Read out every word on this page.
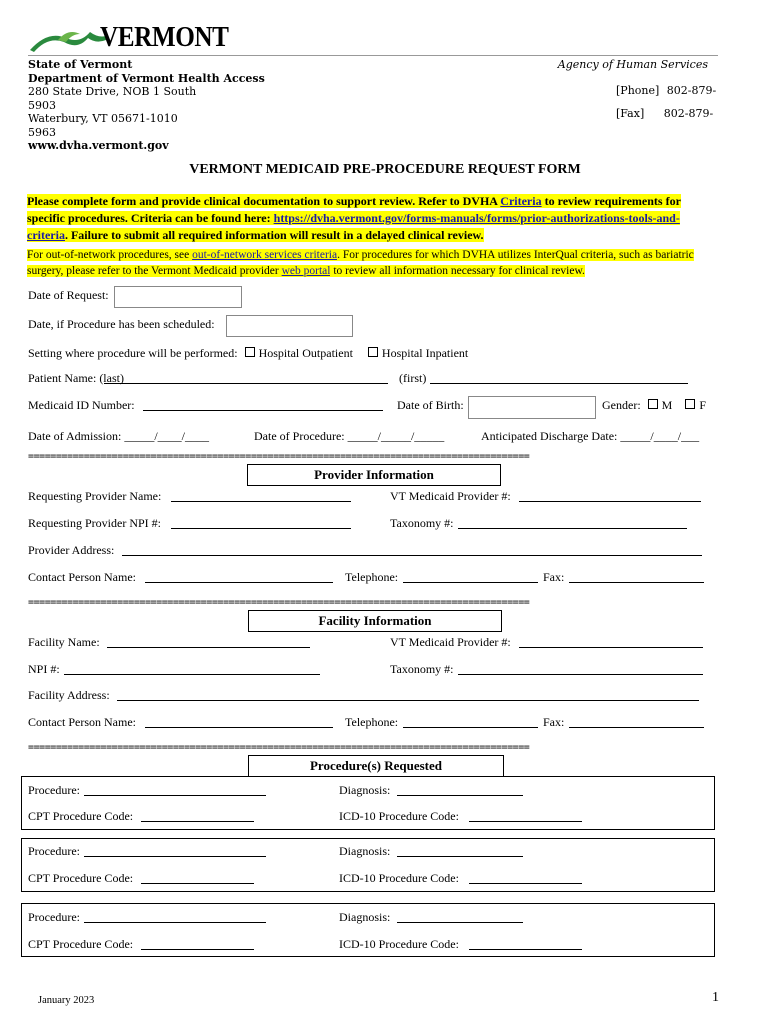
VERMONT
State of Vermont
Department of Vermont Health Access
280 State Drive, NOB 1 South
5903
Waterbury, VT 05671-1010
5963
www.dvha.vermont.gov
Agency of Human Services
[Phone] 802-879-
[Fax] 802-879-
VERMONT MEDICAID PRE-PROCEDURE REQUEST FORM
Please complete form and provide clinical documentation to support review. Refer to DVHA Criteria to review requirements for specific procedures. Criteria can be found here: https://dvha.vermont.gov/forms-manuals/forms/prior-authorizations-tools-and-criteria. Failure to submit all required information will result in a delayed clinical review.
For out-of-network procedures, see out-of-network services criteria. For procedures for which DVHA utilizes InterQual criteria, such as bariatric surgery, please refer to the Vermont Medicaid provider web portal to review all information necessary for clinical review.
Date of Request:
Date, if Procedure has been scheduled:
Setting where procedure will be performed: Hospital Outpatient Hospital Inpatient
Patient Name: (last)	(first)
Medicaid ID Number:	Date of Birth:	Gender: M F
Date of Admission: _____/____/____	Date of Procedure: _____/_____/_____	Anticipated Discharge Date: _____/____/___
==========================================================================================
Provider Information
Requesting Provider Name:	VT Medicaid Provider #:
Requesting Provider NPI #:	Taxonomy #:
Provider Address:
Contact Person Name:	Telephone:	Fax:
==========================================================================================
Facility Information
Facility Name:	VT Medicaid Provider #:
NPI #:	Taxonomy #:
Facility Address:
Contact Person Name:	Telephone:	Fax:
==========================================================================================
Procedure(s) Requested
Procedure:	Diagnosis:
CPT Procedure Code:	ICD-10 Procedure Code:
Procedure:	Diagnosis:
CPT Procedure Code:	ICD-10 Procedure Code:
Procedure:	Diagnosis:
CPT Procedure Code:	ICD-10 Procedure Code:
January 2023	1
